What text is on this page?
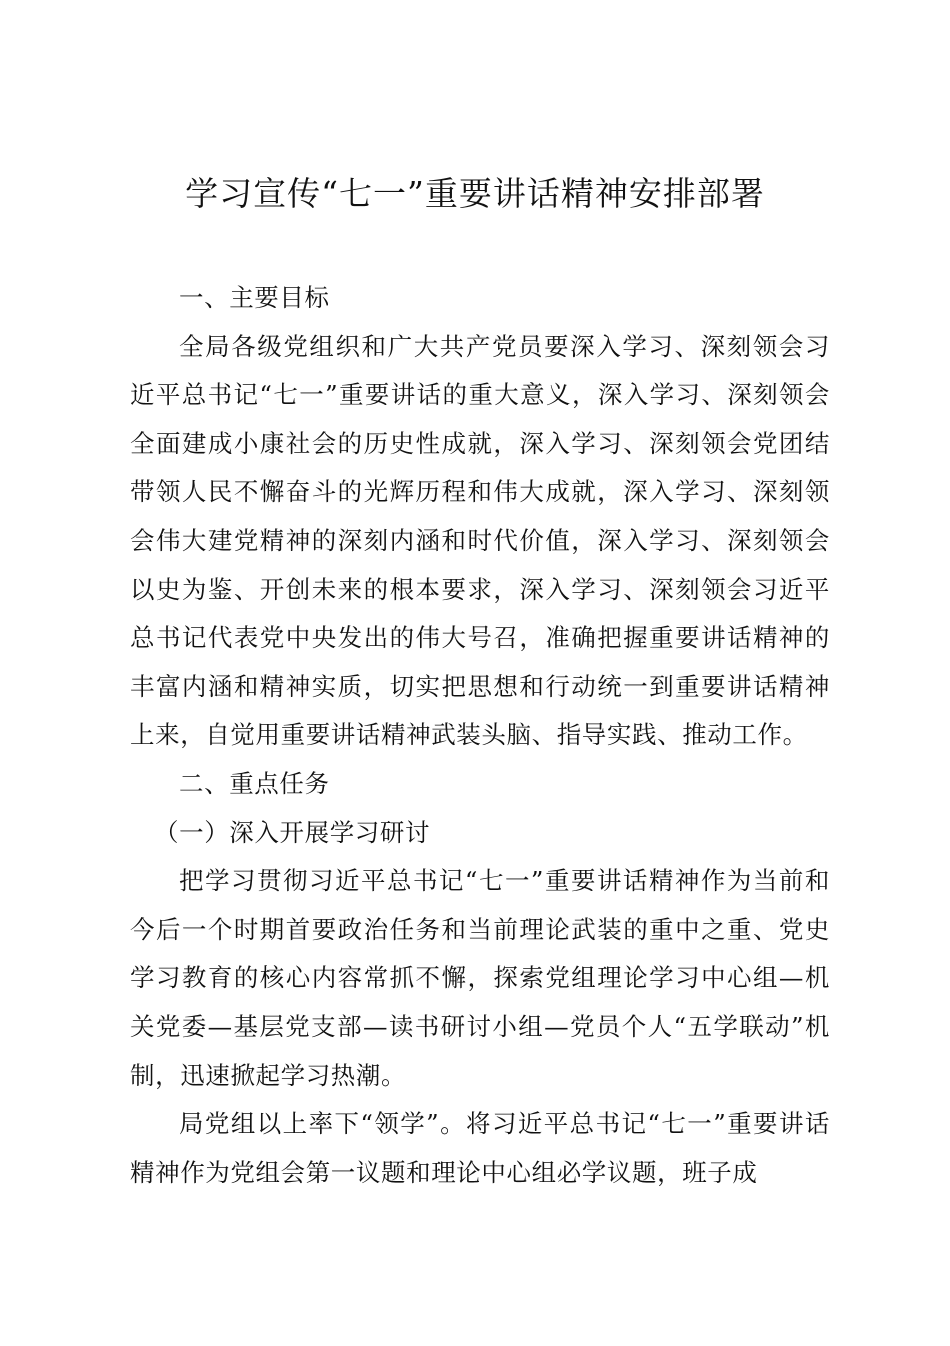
学习宣传“七一”重要讲话精神安排部署

一、主要目标

全局各级党组织和广大共产党员要深入学习、深刻领会习近平总书记“七一”重要讲话的重大意义，深入学习、深刻领会全面建成小康社会的历史性成就，深入学习、深刻领会党团结带领人民不懈奋斗的光辉历程和伟大成就，深入学习、深刻领会伟大建党精神的深刻内涵和时代价值，深入学习、深刻领会以史为鉴、开创未来的根本要求，深入学习、深刻领会习近平总书记代表党中央发出的伟大号召，准确把握重要讲话精神的丰富内涵和精神实质，切实把思想和行动统一到重要讲话精神上来，自觉用重要讲话精神武装头脑、指导实践、推动工作。

二、重点任务

（一）深入开展学习研讨

把学习贯彻习近平总书记“七一”重要讲话精神作为当前和今后一个时期首要政治任务和当前理论武装的重中之重、党史学习教育的核心内容常抓不懈，探索党组理论学习中心组—机关党委—基层党支部—读书研讨小组—党员个人“五学联动”机制，迅速掀起学习热潮。

局党组以上率下“领学”。将习近平总书记“七一”重要讲话精神作为党组会第一议题和理论中心组必学议题，班子成
